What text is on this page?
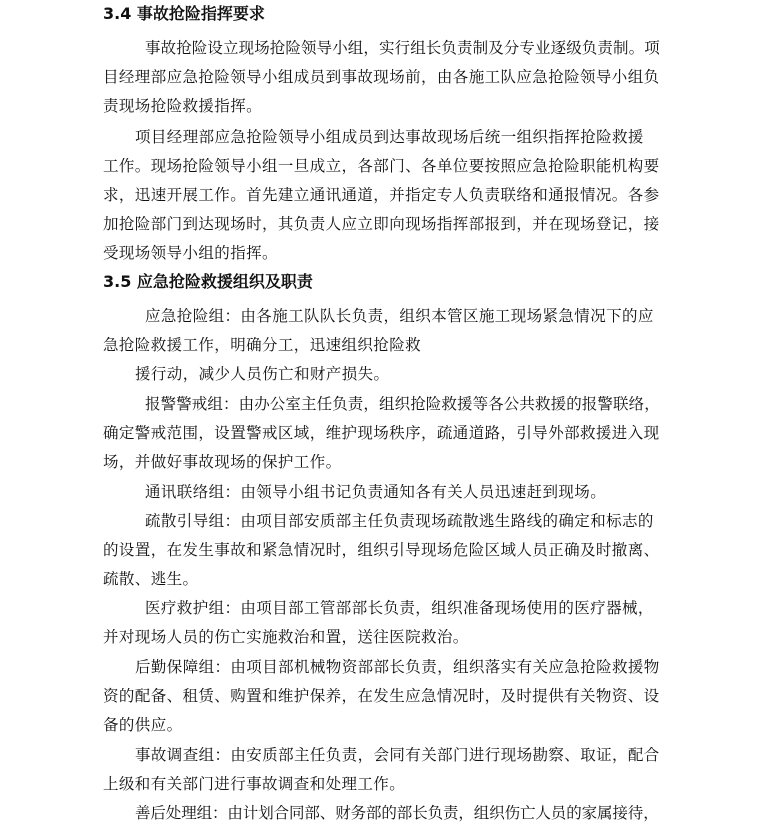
3.4 事故抢险指挥要求
事故抢险设立现场抢险领导小组，实行组长负责制及分专业逐级负责制。项
目经理部应急抢险领导小组成员到事故现场前，由各施工队应急抢险领导小组负
责现场抢险救援指挥。
项目经理部应急抢险领导小组成员到达事故现场后统一组织指挥抢险救援
工作。现场抢险领导小组一旦成立，各部门、各单位要按照应急抢险职能机构要
求，迅速开展工作。首先建立通讯通道，并指定专人负责联络和通报情况。各参
加抢险部门到达现场时，其负责人应立即向现场指挥部报到，并在现场登记，接
受现场领导小组的指挥。
3.5 应急抢险救援组织及职责
应急抢险组：由各施工队队长负责，组织本管区施工现场紧急情况下的应
急抢险救援工作，明确分工，迅速组织抢险救
援行动，减少人员伤亡和财产损失。
报警警戒组：由办公室主任负责，组织抢险救援等各公共救援的报警联络，
确定警戒范围，设置警戒区域，维护现场秩序，疏通道路，引导外部救援进入现
场，并做好事故现场的保护工作。
通讯联络组：由领导小组书记负责通知各有关人员迅速赶到现场。
疏散引导组：由项目部安质部主任负责现场疏散逃生路线的确定和标志的
的设置，在发生事故和紧急情况时，组织引导现场危险区域人员正确及时撤离、
疏散、逃生。
医疗救护组：由项目部工管部部长负责，组织准备现场使用的医疗器械，
并对现场人员的伤亡实施救治和置，送往医院救治。
后勤保障组：由项目部机械物资部部长负责，组织落实有关应急抢险救援物
资的配备、租赁、购置和维护保养，在发生应急情况时，及时提供有关物资、设
备的供应。
事故调查组：由安质部主任负责，会同有关部门进行现场勘察、取证，配合
上级和有关部门进行事故调查和处理工作。
善后处理组：由计划合同部、财务部的部长负责，组织伤亡人员的家属接待，
